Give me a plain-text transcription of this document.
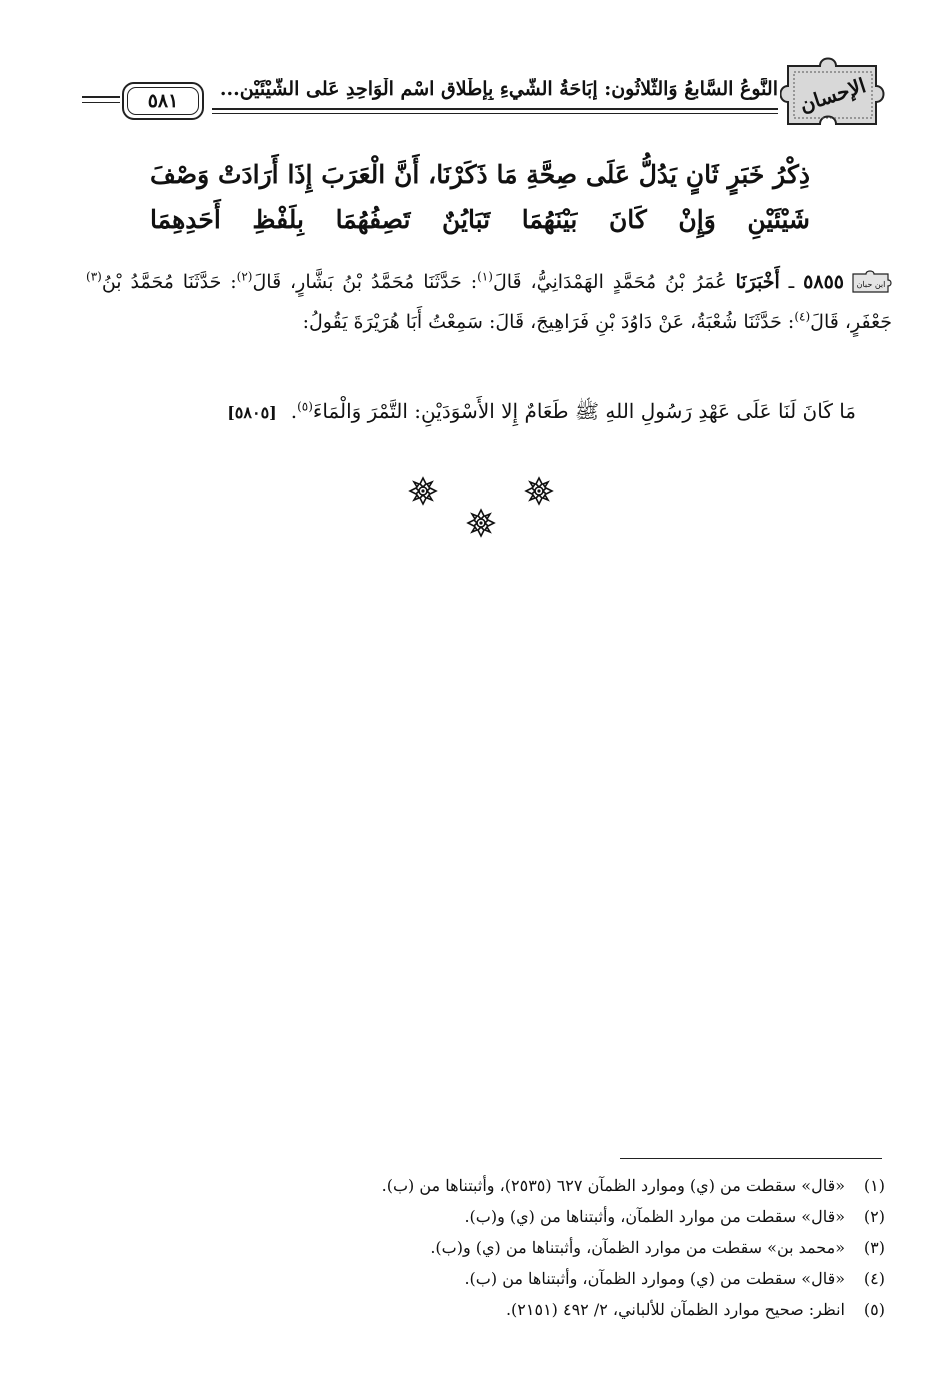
الإحسان
النَّوعُ السَّابعُ وَالثَّلاثُون: إبَاحَةُ الشَّيءِ بِإطْلاقِ اسْمِ الْوَاحِدِ عَلى الشَّيْئَيْنِ...
٥٨١
ذِكْرُ خَبَرٍ ثَانٍ يَدُلُّ عَلَى صِحَّةِ مَا ذَكَرْنَا، أَنَّ الْعَرَبَ إِذَا أَرَادَتْ وَصْفَ شَيْئَيْنِ وَإِنْ كَانَ بَيْنَهُمَا تَبَايُنٌ تَصِفُهُمَا بِلَفْظِ أَحَدِهِمَا
ابن حبان
٥٨٥٥ ـ أَخْبَرَنَا عُمَرُ بْنُ مُحَمَّدٍ الهَمْدَانِيُّ، قَالَ$^{(١)}$: حَدَّثَنَا مُحَمَّدُ بْنُ بَشَّارٍ، قَالَ$^{(٢)}$: حَدَّثَنَا مُحَمَّدُ بْنُ$^{(٣)}$ جَعْفَرٍ، قَالَ$^{(٤)}$: حَدَّثَنَا شُعْبَةُ، عَنْ دَاوُدَ بْنِ فَرَاهِيجَ، قَالَ: سَمِعْتُ أَبَا هُرَيْرَةَ يَقُولُ:
مَا كَانَ لَنَا عَلَى عَهْدِ رَسُولِ اللهِ ﷺ طَعَامٌ إِلا الأَسْوَدَيْنِ: التَّمْرَ وَالْمَاءَ$^{(٥)}$.[٥٨٠٥]
(١)«قال» سقطت من (ي) وموارد الظمآن ٦٢٧ (٢٥٣٥)، وأثبتناها من (ب).
(٢)«قال» سقطت من موارد الظمآن، وأثبتناها من (ي) و(ب).
(٣)«محمد بن» سقطت من موارد الظمآن، وأثبتناها من (ي) و(ب).
(٤)«قال» سقطت من (ي) وموارد الظمآن، وأثبتناها من (ب).
(٥)انظر: صحيح موارد الظمآن للألباني، ٢/ ٤٩٢ (٢١٥١).
